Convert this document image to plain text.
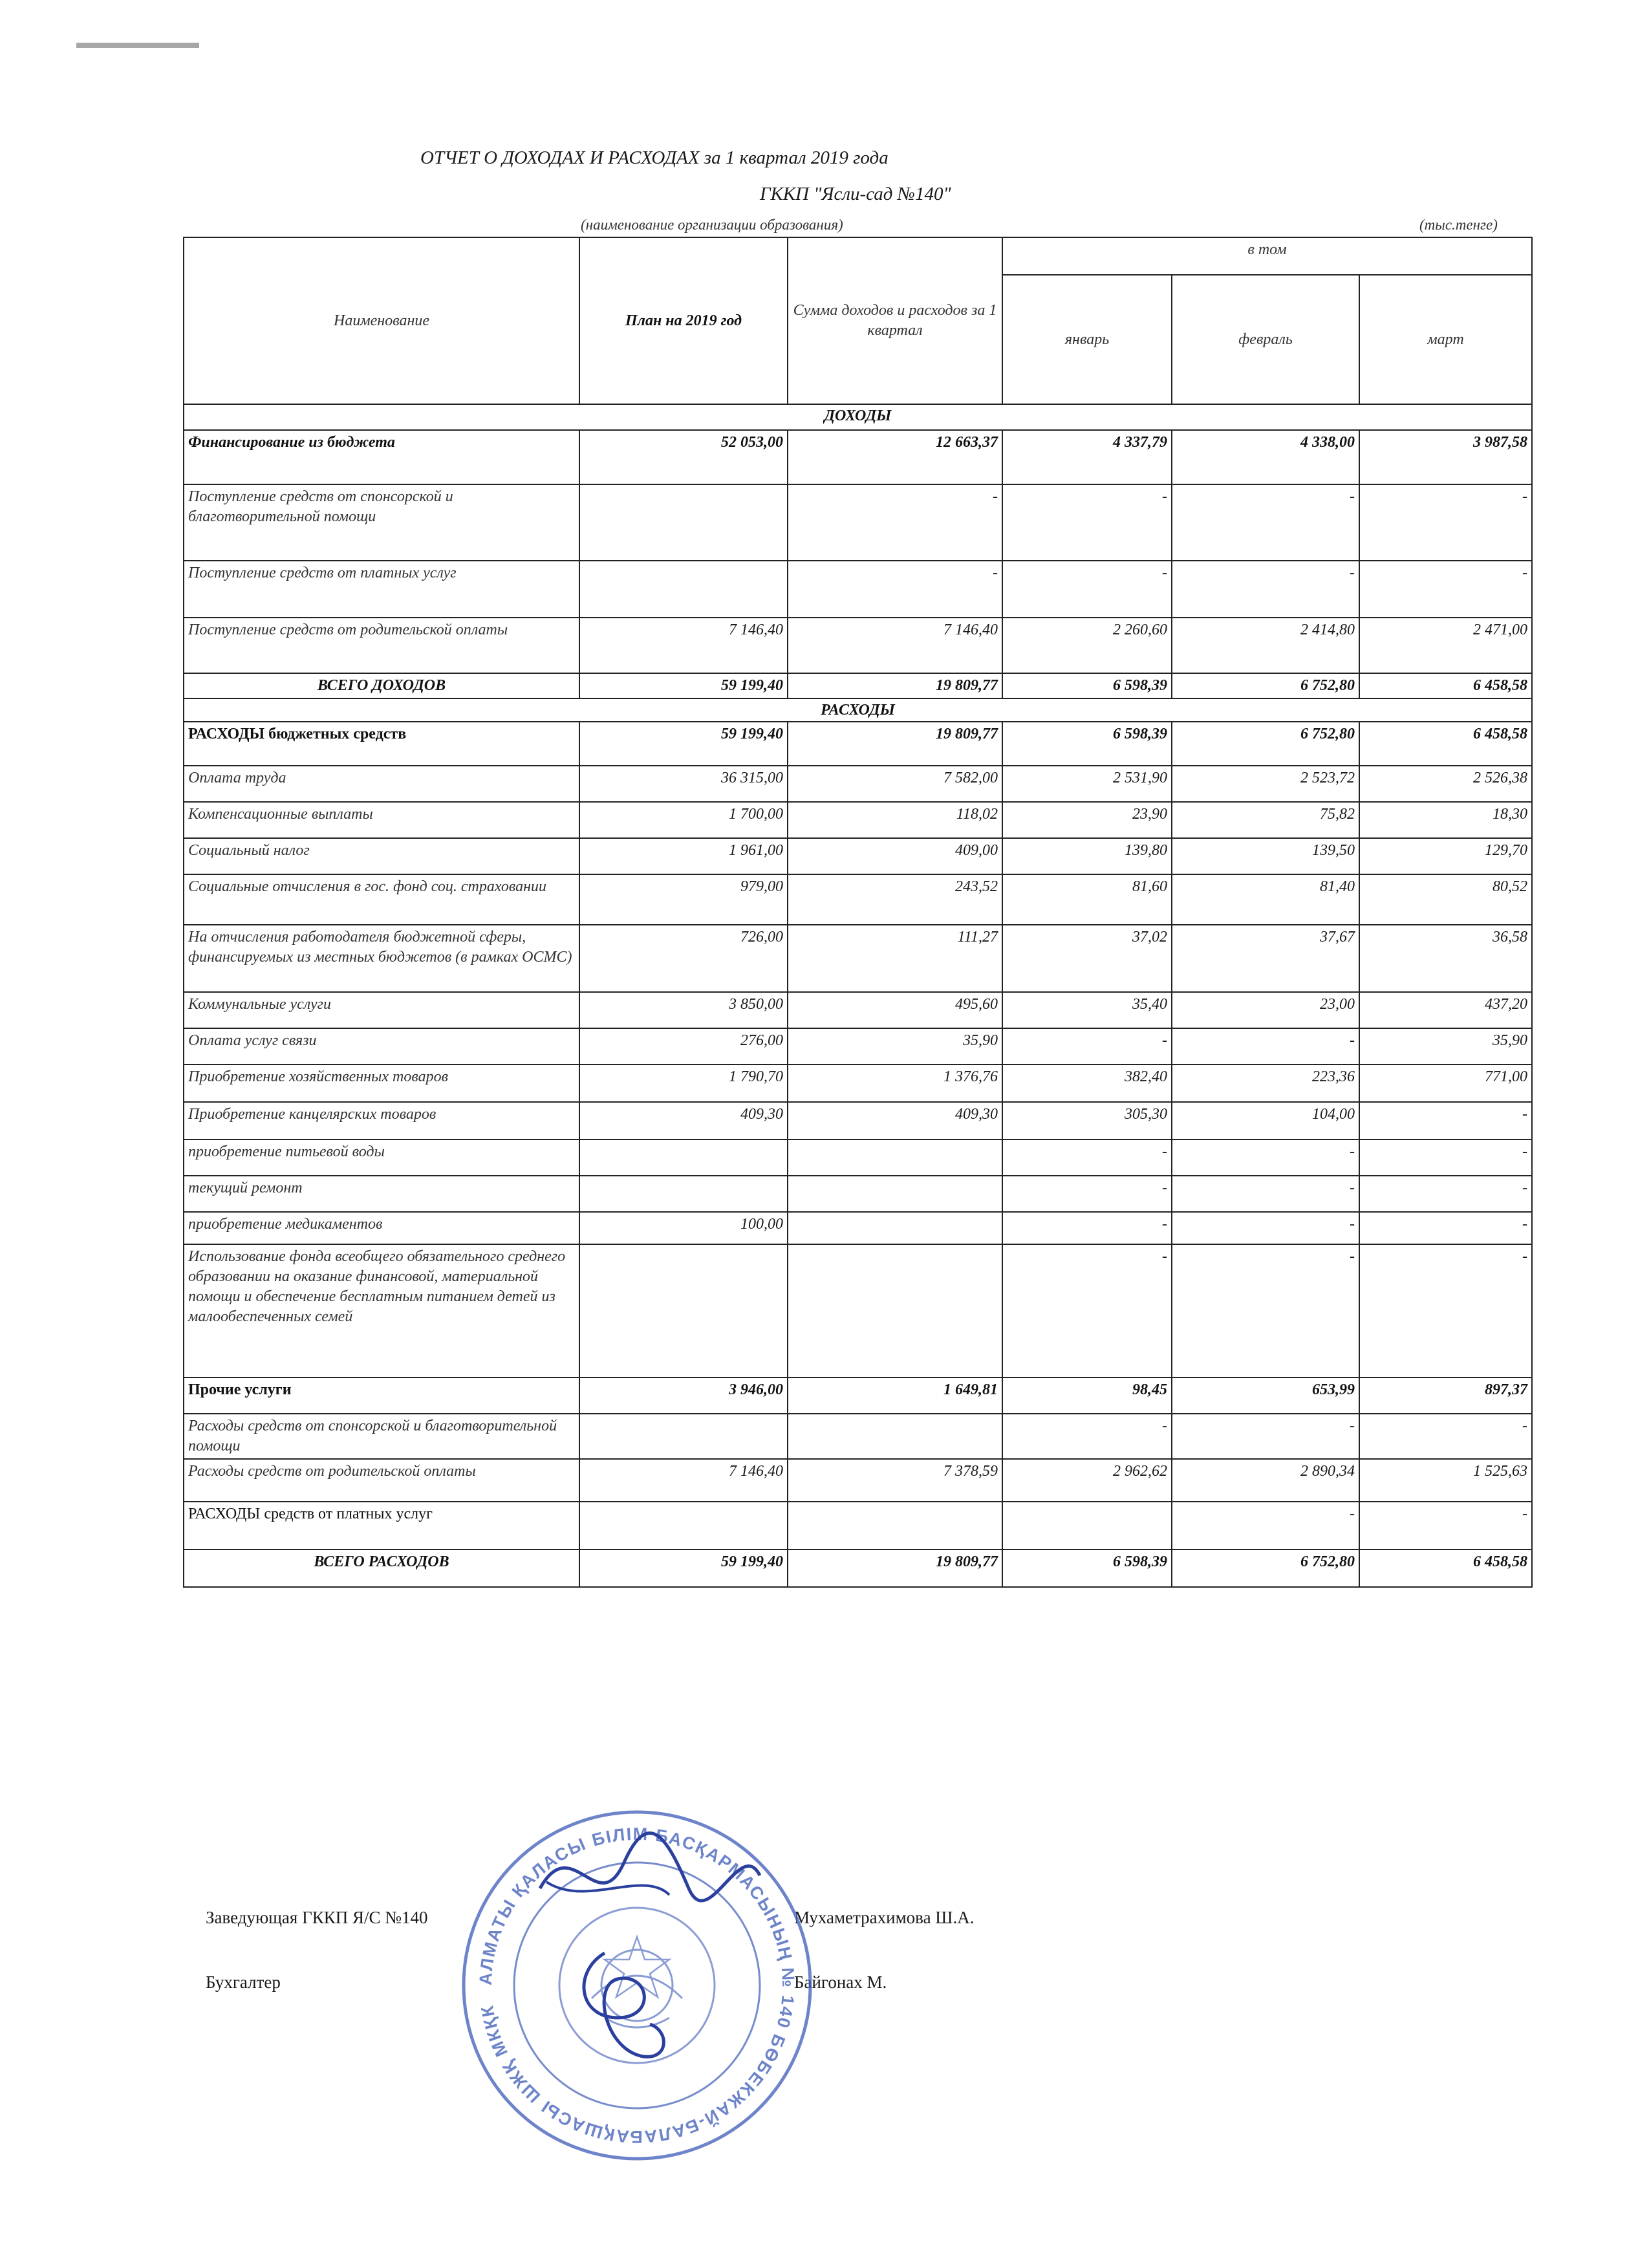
ОТЧЕТ О ДОХОДАХ И РАСХОДАХ за 1 квартал 2019 года
ГККП "Ясли-сад №140"
(наименование организации образования)	(тыс.тенге)
Наименование	План на 2019 год	Сумма доходов и расходов за 1 квартал	в том		
			январь	февраль	март
ДОХОДЫ					
Финансирование из бюджета	52 053,00	12 663,37	4 337,79	4 338,00	3 987,58
Поступление средств от спонсорской и благотворительной помощи		-	-	-	-
Поступление средств от платных услуг		-	-	-	-
Поступление средств от родительской оплаты	7 146,40	7 146,40	2 260,60	2 414,80	2 471,00
ВСЕГО ДОХОДОВ	59 199,40	19 809,77	6 598,39	6 752,80	6 458,58
РАСХОДЫ					
РАСХОДЫ бюджетных средств	59 199,40	19 809,77	6 598,39	6 752,80	6 458,58
Оплата труда	36 315,00	7 582,00	2 531,90	2 523,72	2 526,38
Компенсационные выплаты	1 700,00	118,02	23,90	75,82	18,30
Социальный налог	1 961,00	409,00	139,80	139,50	129,70
Социальные отчисления в гос. фонд соц. страховании	979,00	243,52	81,60	81,40	80,52
На отчисления работодателя бюджетной сферы, финансируемых из местных бюджетов (в рамках ОСМС)	726,00	111,27	37,02	37,67	36,58
Коммунальные услуги	3 850,00	495,60	35,40	23,00	437,20
Оплата услуг связи	276,00	35,90	-	-	35,90
Приобретение хозяйственных товаров	1 790,70	1 376,76	382,40	223,36	771,00
Приобретение канцелярских товаров	409,30	409,30	305,30	104,00	-
приобретение питьевой воды			-	-	-
текущий ремонт			-	-	-
приобретение медикаментов	100,00		-	-	-
Использование фонда всеобщего обязательного среднего образовании на оказание финансовой, материальной помощи и обеспечение бесплатным питанием детей из малообеспеченных семей			-	-	-
Прочие услуги	3 946,00	1 649,81	98,45	653,99	897,37
Расходы средств от спонсорской и благотворительной помощи			-	-	-
Расходы средств от родительской оплаты	7 146,40	7 378,59	2 962,62	2 890,34	1 525,63
РАСХОДЫ средств от платных услуг				-	-
ВСЕГО РАСХОДОВ	59 199,40	19 809,77	6 598,39	6 752,80	6 458,58
Заведующая ГККП Я/С №140	Мухаметрахимова Ш.А.
Бухгалтер	Байгонах М.
АЛМАТЫ ҚАЛАСЫ БІЛІМ БАСҚАРМАСЫНЫҢ № 140 БӨБЕКЖАЙ-БАЛАБАҚШАСЫ ШЖҚ МКҚК
